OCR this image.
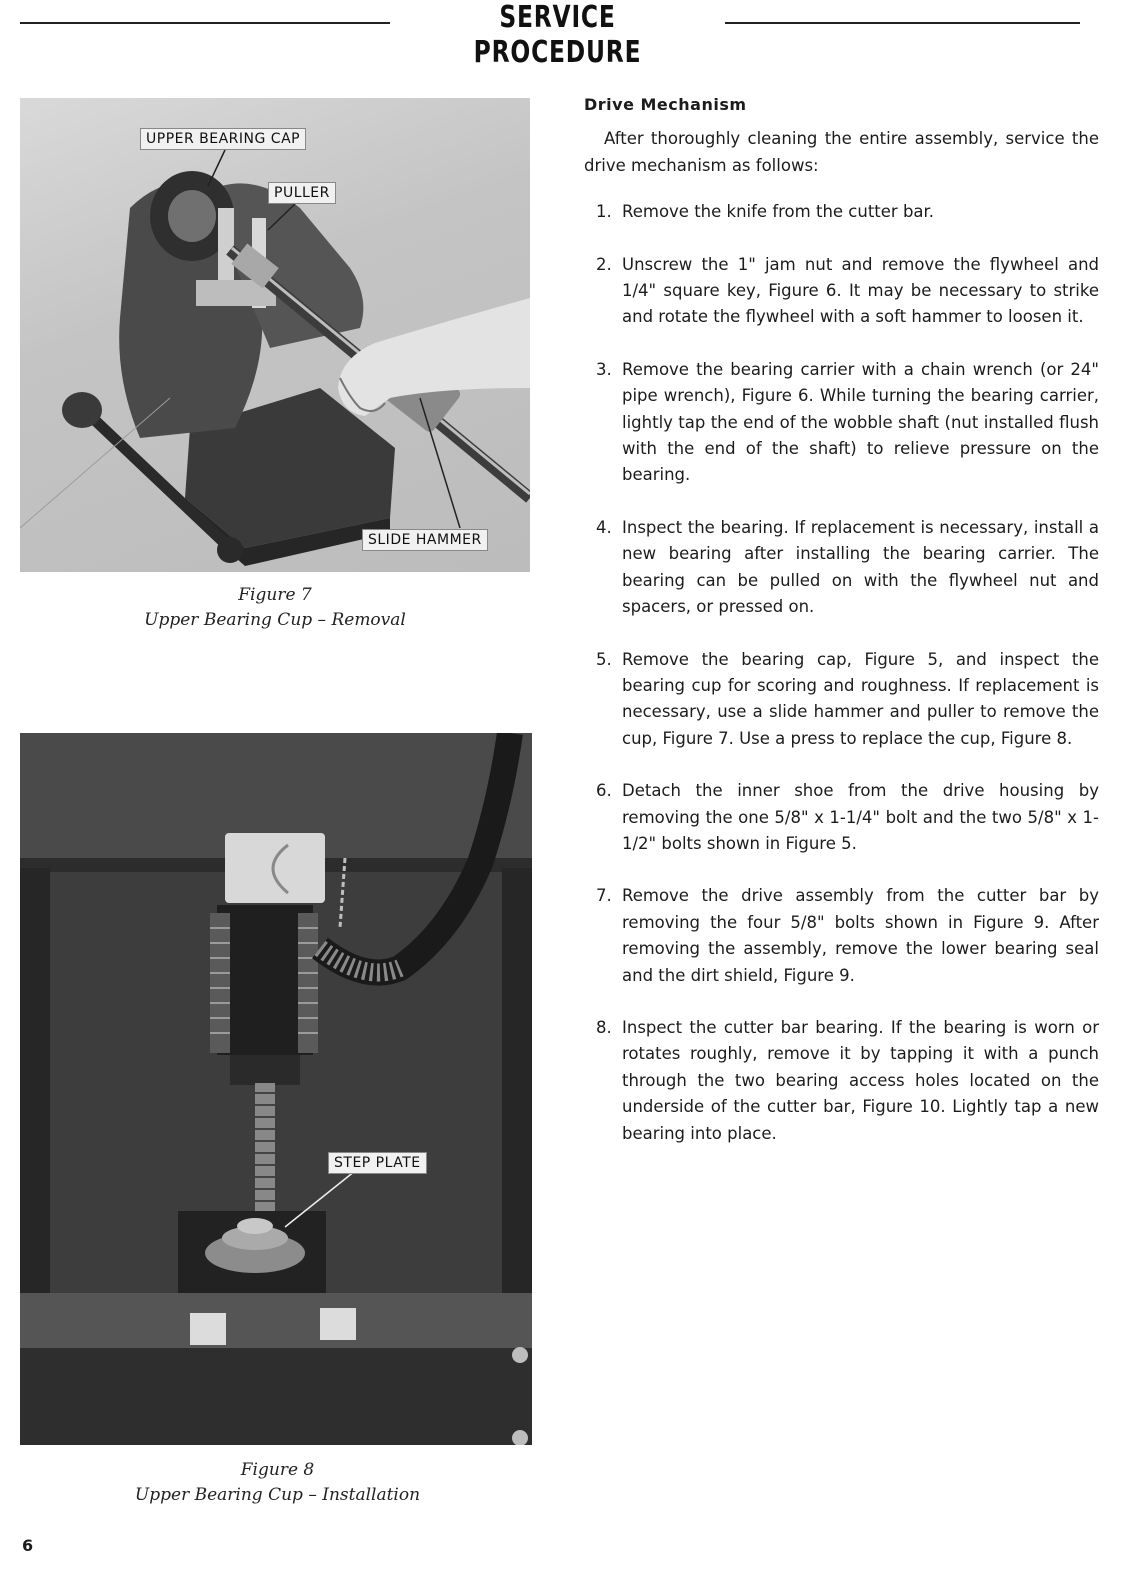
SERVICE PROCEDURE
UPPER BEARING CAP
PULLER
SLIDE HAMMER
Figure 7
Upper Bearing Cup – Removal
STEP PLATE
Figure 8
Upper Bearing Cup – Installation
Drive Mechanism

After thoroughly cleaning the entire assembly, service the drive mechanism as follows:

1. Remove the knife from the cutter bar.
2. Unscrew the 1" jam nut and remove the flywheel and 1/4" square key, Figure 6. It may be necessary to strike and rotate the flywheel with a soft hammer to loosen it.
3. Remove the bearing carrier with a chain wrench (or 24" pipe wrench), Figure 6. While turning the bearing carrier, lightly tap the end of the wobble shaft (nut installed flush with the end of the shaft) to relieve pressure on the bearing.
4. Inspect the bearing. If replacement is necessary, install a new bearing after installing the bearing carrier. The bearing can be pulled on with the flywheel nut and spacers, or pressed on.
5. Remove the bearing cap, Figure 5, and inspect the bearing cup for scoring and roughness. If replacement is necessary, use a slide hammer and puller to remove the cup, Figure 7. Use a press to replace the cup, Figure 8.
6. Detach the inner shoe from the drive housing by removing the one 5/8" x 1-1/4" bolt and the two 5/8" x 1-1/2" bolts shown in Figure 5.
7. Remove the drive assembly from the cutter bar by removing the four 5/8" bolts shown in Figure 9. After removing the assembly, remove the lower bearing seal and the dirt shield, Figure 9.
8. Inspect the cutter bar bearing. If the bearing is worn or rotates roughly, remove it by tapping it with a punch through the two bearing access holes located on the underside of the cutter bar, Figure 10. Lightly tap a new bearing into place.
6
